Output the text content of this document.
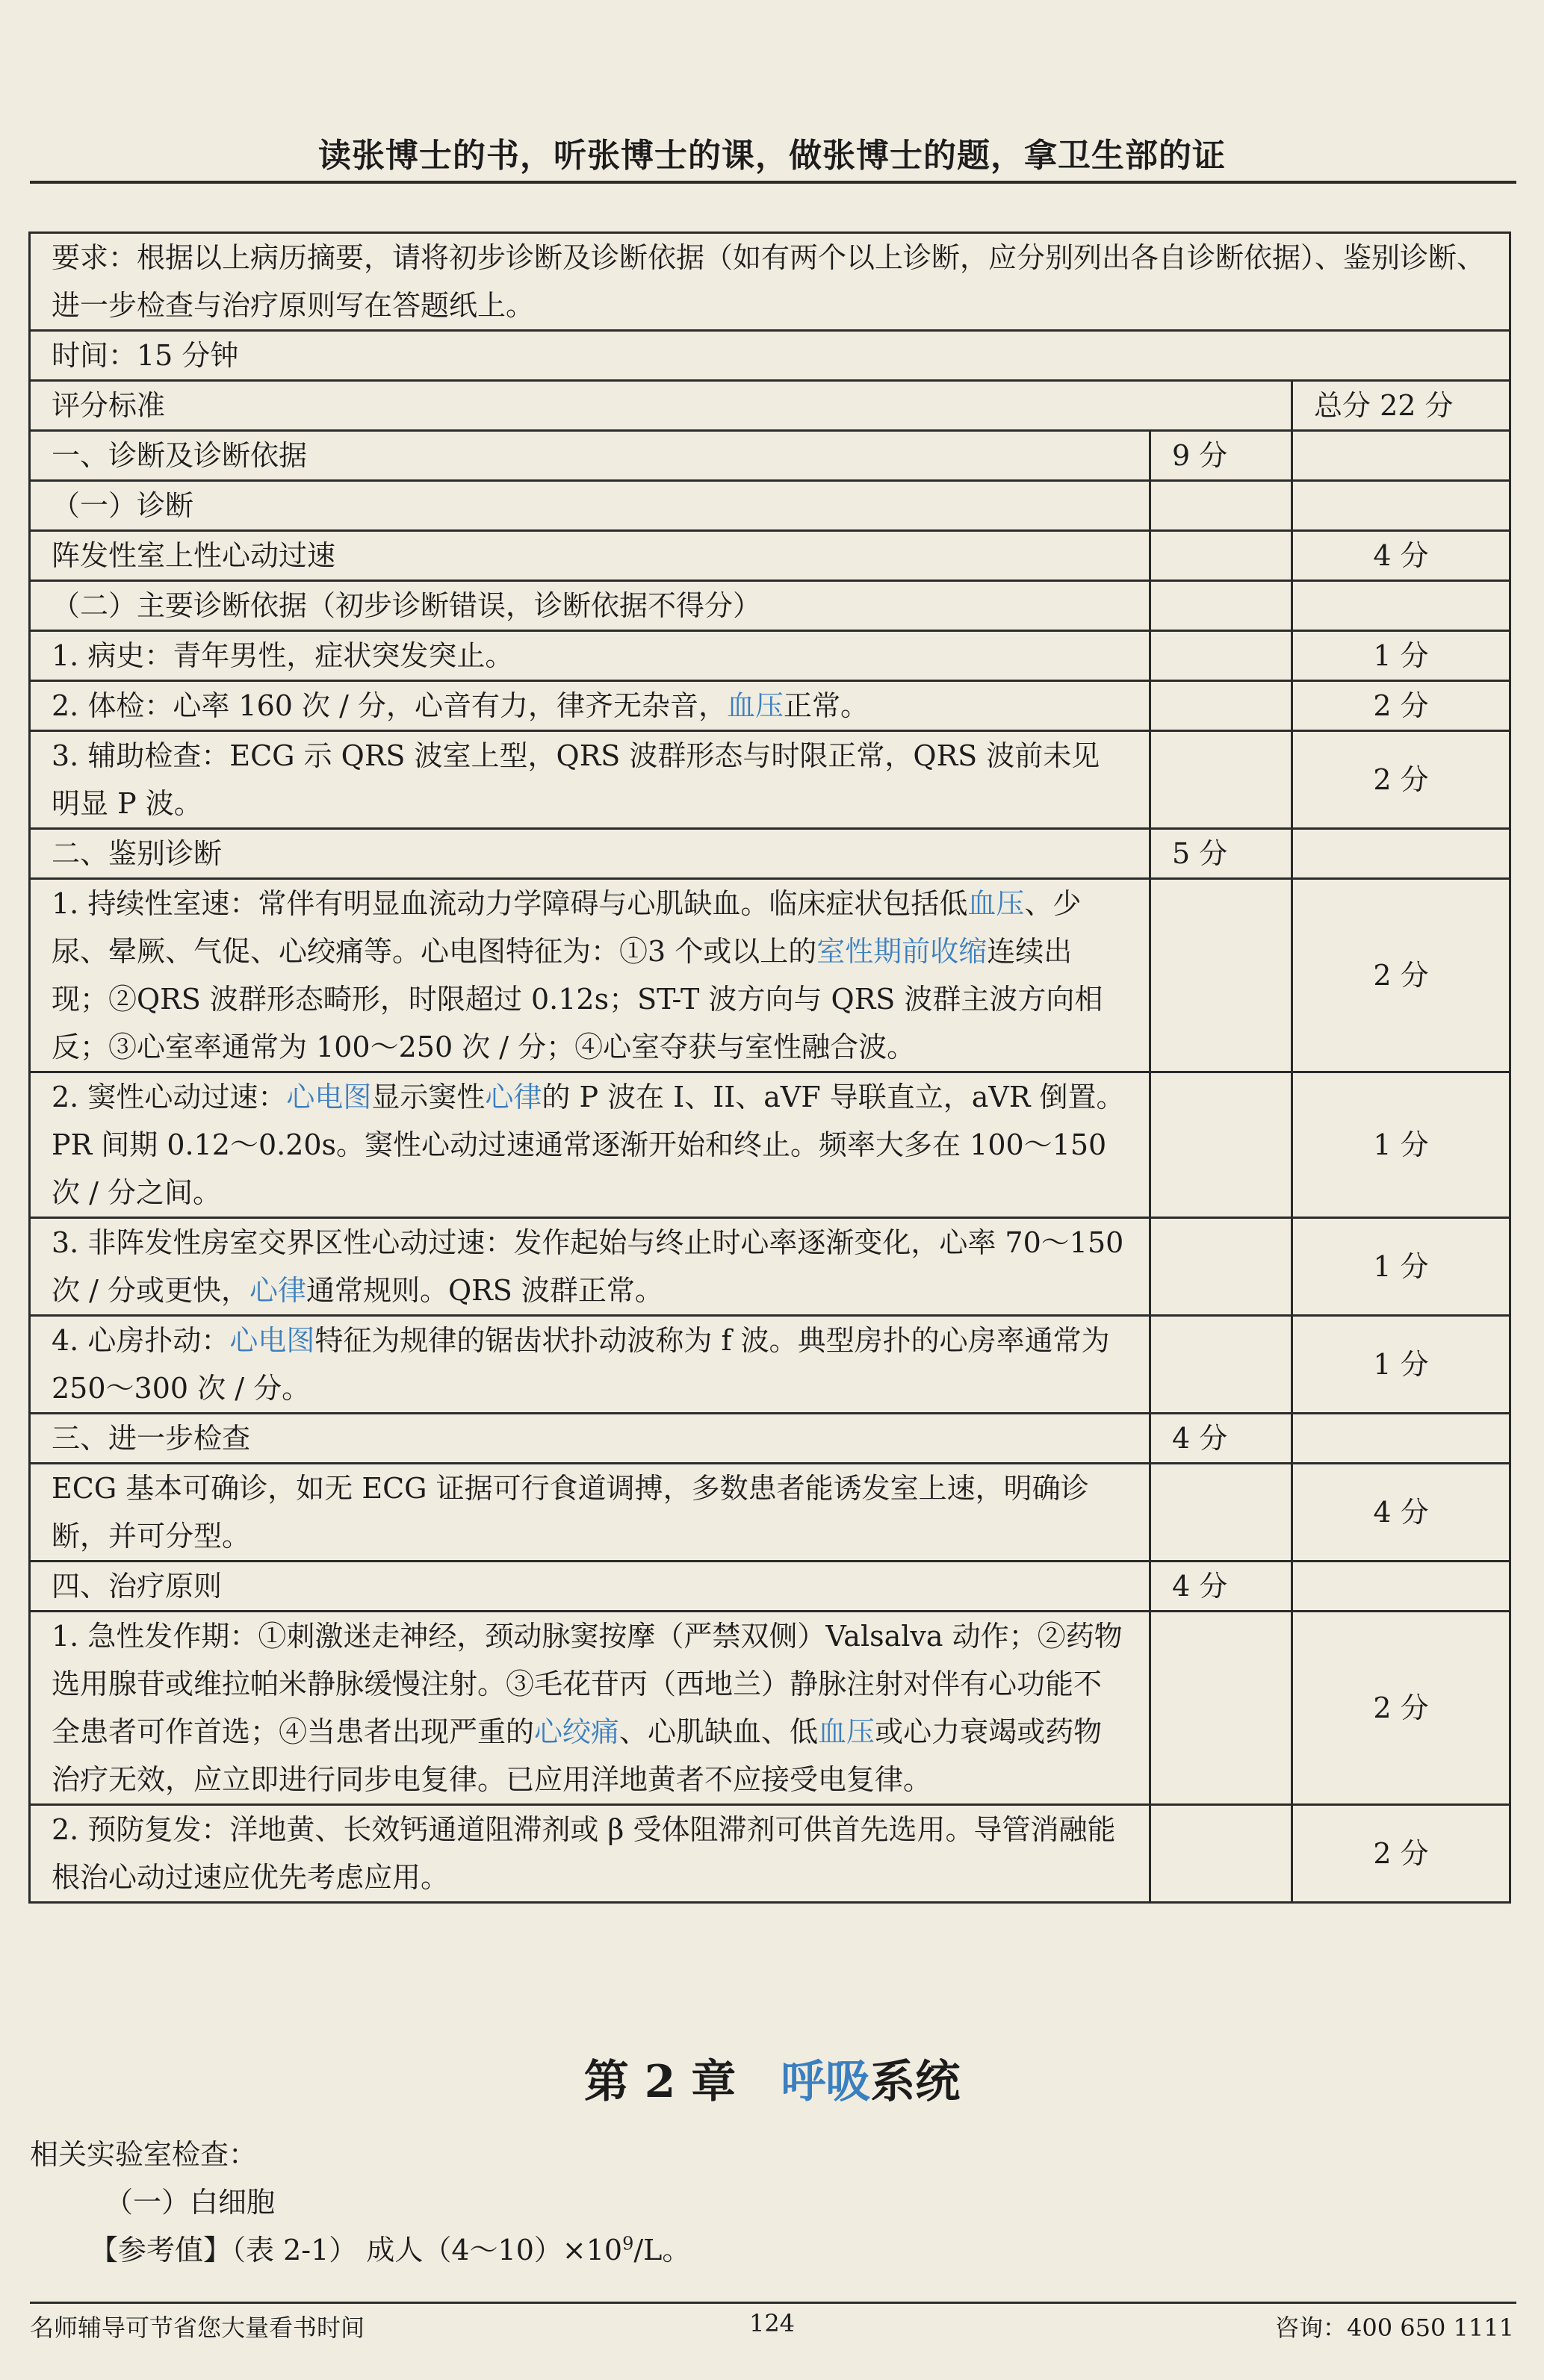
读张博士的书，听张博士的课，做张博士的题，拿卫生部的证
要求：根据以上病历摘要，请将初步诊断及诊断依据（如有两个以上诊断，应分别列出各自诊断依据）、鉴别诊断、进一步检查与治疗原则写在答题纸上。		
时间：15 分钟		
评分标准		总分 22 分
一、诊断及诊断依据	9 分	
（一）诊断		
阵发性室上性心动过速		4 分
（二）主要诊断依据（初步诊断错误，诊断依据不得分）		
1. 病史：青年男性，症状突发突止。		1 分
2. 体检：心率 160 次 / 分，心音有力，律齐无杂音，血压正常。		2 分
3. 辅助检查：ECG 示 QRS 波室上型，QRS 波群形态与时限正常，QRS 波前未见明显 P 波。		2 分
二、鉴别诊断	5 分	
1. 持续性室速：常伴有明显血流动力学障碍与心肌缺血。临床症状包括低血压、少尿、晕厥、气促、心绞痛等。心电图特征为：①3 个或以上的室性期前收缩连续出现；②QRS 波群形态畸形，时限超过 0.12s；ST-T 波方向与 QRS 波群主波方向相反；③心室率通常为 100～250 次 / 分；④心室夺获与室性融合波。		2 分
2. 窦性心动过速：心电图显示窦性心律的 P 波在 I、II、aVF 导联直立，aVR 倒置。PR 间期 0.12～0.20s。窦性心动过速通常逐渐开始和终止。频率大多在 100～150 次 / 分之间。		1 分
3. 非阵发性房室交界区性心动过速：发作起始与终止时心率逐渐变化，心率 70～150 次 / 分或更快，心律通常规则。QRS 波群正常。		1 分
4. 心房扑动：心电图特征为规律的锯齿状扑动波称为 f 波。典型房扑的心房率通常为 250～300 次 / 分。		1 分
三、进一步检查	4 分	
ECG 基本可确诊，如无 ECG 证据可行食道调搏，多数患者能诱发室上速，明确诊断，并可分型。		4 分
四、治疗原则	4 分	
1. 急性发作期：①刺激迷走神经，颈动脉窦按摩（严禁双侧）Valsalva 动作；②药物选用腺苷或维拉帕米静脉缓慢注射。③毛花苷丙（西地兰）静脉注射对伴有心功能不全患者可作首选；④当患者出现严重的心绞痛、心肌缺血、低血压或心力衰竭或药物治疗无效，应立即进行同步电复律。已应用洋地黄者不应接受电复律。		2 分
2. 预防复发：洋地黄、长效钙通道阻滞剂或 β 受体阻滞剂可供首先选用。导管消融能根治心动过速应优先考虑应用。		2 分
第 2 章　呼吸系统
相关实验室检查：
（一）白细胞
【参考值】（表 2-1） 成人$(4\sim 10)\times 10^9/L$。
名师辅导可节省您大量看书时间	124	咨询：400 650 1111
